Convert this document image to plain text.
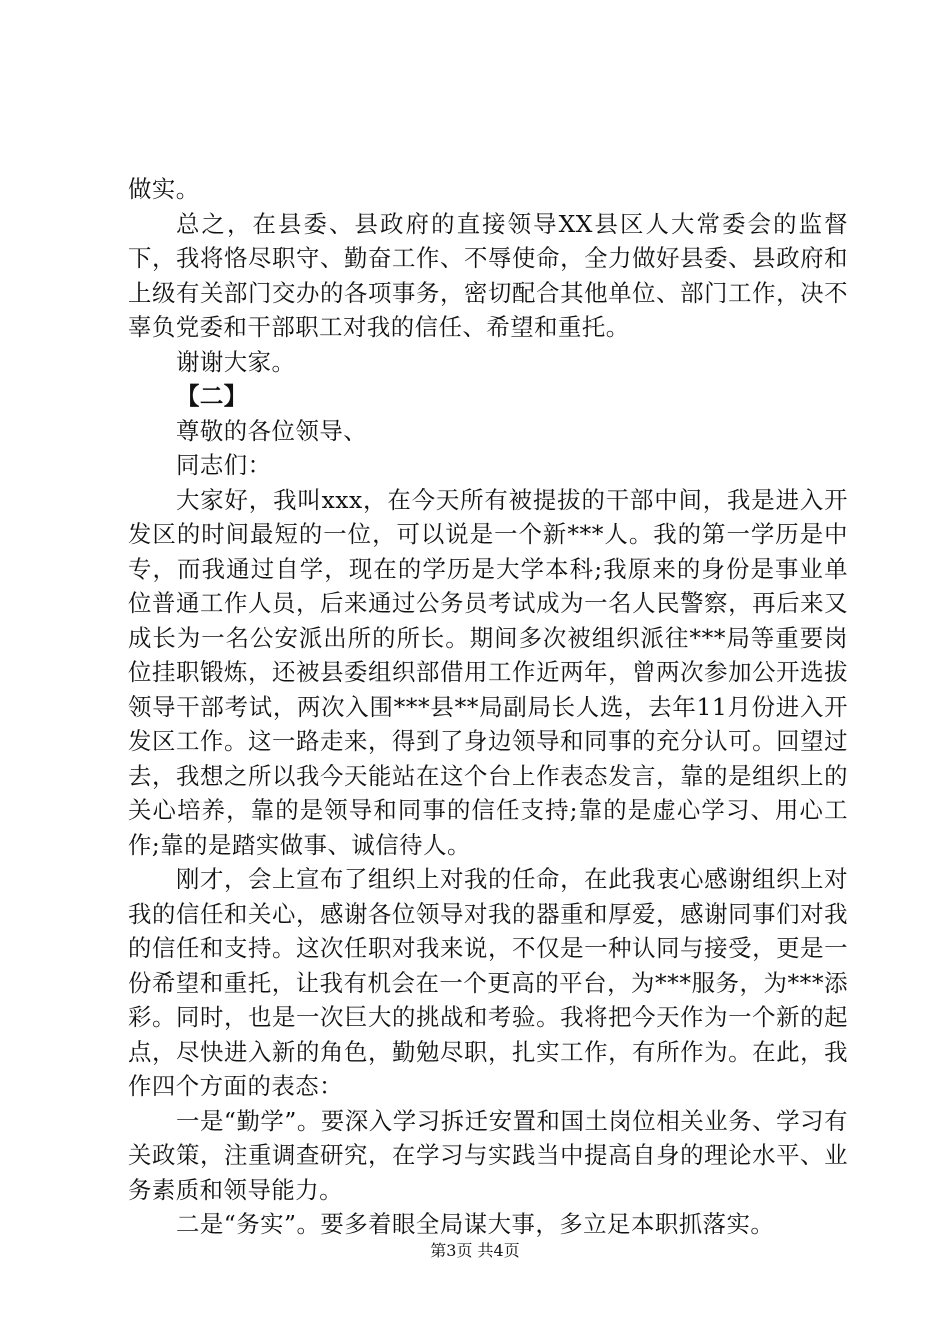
做实。

总之，在县委、县政府的直接领导XX县区人大常委会的监督下，我将恪尽职守、勤奋工作、不辱使命，全力做好县委、县政府和上级有关部门交办的各项事务，密切配合其他单位、部门工作，决不辜负党委和干部职工对我的信任、希望和重托。

谢谢大家。

【二】

尊敬的各位领导、

同志们：

大家好，我叫xxx，在今天所有被提拔的干部中间，我是进入开发区的时间最短的一位，可以说是一个新***人。我的第一学历是中专，而我通过自学，现在的学历是大学本科;我原来的身份是事业单位普通工作人员，后来通过公务员考试成为一名人民警察，再后来又成长为一名公安派出所的所长。期间多次被组织派往***局等重要岗位挂职锻炼，还被县委组织部借用工作近两年，曾两次参加公开选拔领导干部考试，两次入围***县**局副局长人选，去年11月份进入开发区工作。这一路走来，得到了身边领导和同事的充分认可。回望过去，我想之所以我今天能站在这个台上作表态发言，靠的是组织上的关心培养，靠的是领导和同事的信任支持;靠的是虚心学习、用心工作;靠的是踏实做事、诚信待人。

刚才，会上宣布了组织上对我的任命，在此我衷心感谢组织上对我的信任和关心，感谢各位领导对我的器重和厚爱，感谢同事们对我的信任和支持。这次任职对我来说，不仅是一种认同与接受，更是一份希望和重托，让我有机会在一个更高的平台，为***服务，为***添彩。同时，也是一次巨大的挑战和考验。我将把今天作为一个新的起点，尽快进入新的角色，勤勉尽职，扎实工作，有所作为。在此，我作四个方面的表态：

一是“勤学”。要深入学习拆迁安置和国土岗位相关业务、学习有关政策，注重调查研究，在学习与实践当中提高自身的理论水平、业务素质和领导能力。

二是“务实”。要多着眼全局谋大事，多立足本职抓落实。

第3页 共4页
